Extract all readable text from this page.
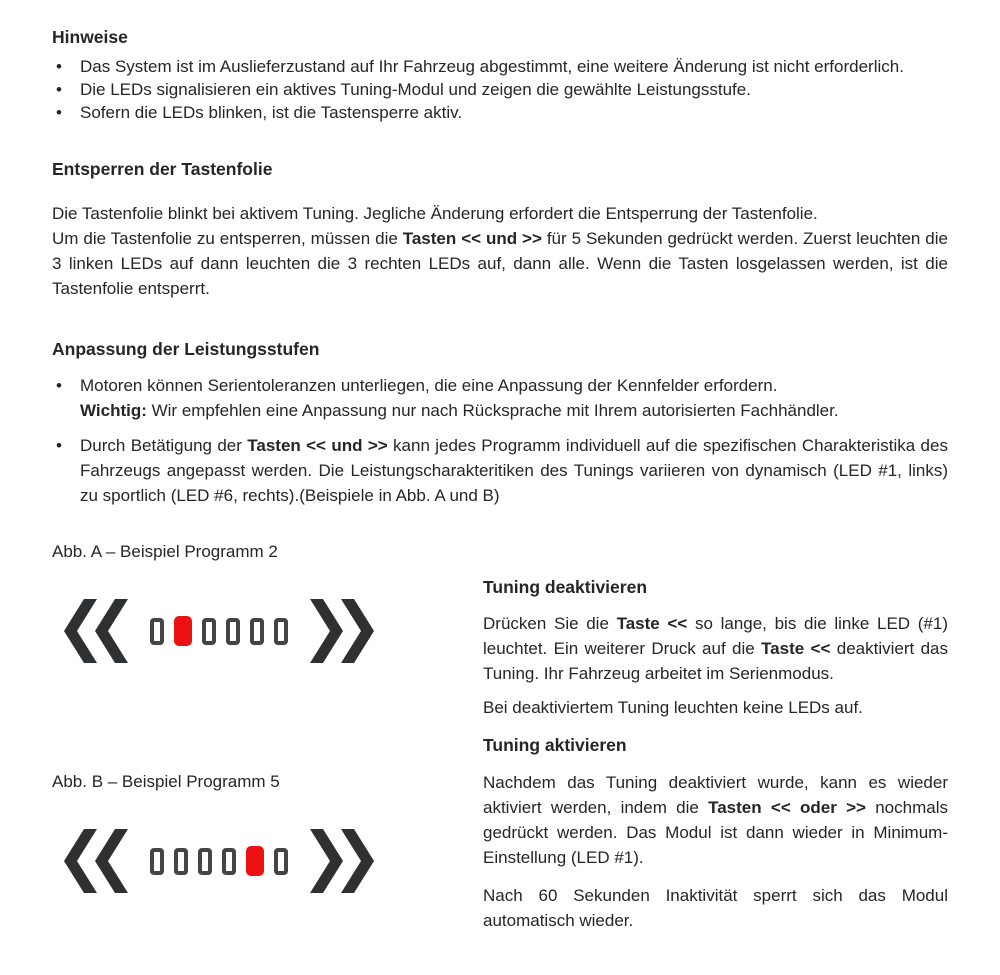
Hinweise

•	Das System ist im Auslieferzustand auf Ihr Fahrzeug abgestimmt, eine weitere Änderung ist nicht erforderlich.
•	Die LEDs signalisieren ein aktives Tuning-Modul und zeigen die gewählte Leistungsstufe.
•	Sofern die LEDs blinken, ist die Tastensperre aktiv.

Entsperren der Tastenfolie

Die Tastenfolie blinkt bei aktivem Tuning. Jegliche Änderung erfordert die Entsperrung der Tastenfolie.
Um die Tastenfolie zu entsperren, müssen die Tasten << und >> für 5 Sekunden gedrückt werden. Zuerst leuchten die 3 linken LEDs auf dann leuchten die 3 rechten LEDs auf, dann alle. Wenn die Tasten losgelassen werden, ist die Tastenfolie entsperrt.

Anpassung der Leistungsstufen

•	Motoren können Serientoleranzen unterliegen, die eine Anpassung der Kennfelder erfordern.
Wichtig: Wir empfehlen eine Anpassung nur nach Rücksprache mit Ihrem autorisierten Fachhändler.
•	Durch Betätigung der Tasten << und >> kann jedes Programm individuell auf die spezifischen Charakteristika des Fahrzeugs angepasst werden. Die Leistungscharakteritiken des Tunings variieren von dynamisch (LED #1, links) zu sportlich (LED #6, rechts).(Beispiele in Abb. A und B)
Abb. A – Beispiel Programm 2
Abb. B – Beispiel Programm 5

Tuning deaktivieren

Drücken Sie die Taste << so lange, bis die linke LED (#1) leuchtet. Ein weiterer Druck auf die Taste << deaktiviert das Tuning. Ihr Fahrzeug arbeitet im Serienmodus.
Bei deaktiviertem Tuning leuchten keine LEDs auf.

Tuning aktivieren

Nachdem das Tuning deaktiviert wurde, kann es wieder aktiviert werden, indem die Tasten << oder >> nochmals gedrückt werden. Das Modul ist dann wieder in Minimum-Einstellung (LED #1).
Nach 60 Sekunden Inaktivität sperrt sich das Modul automatisch wieder.
